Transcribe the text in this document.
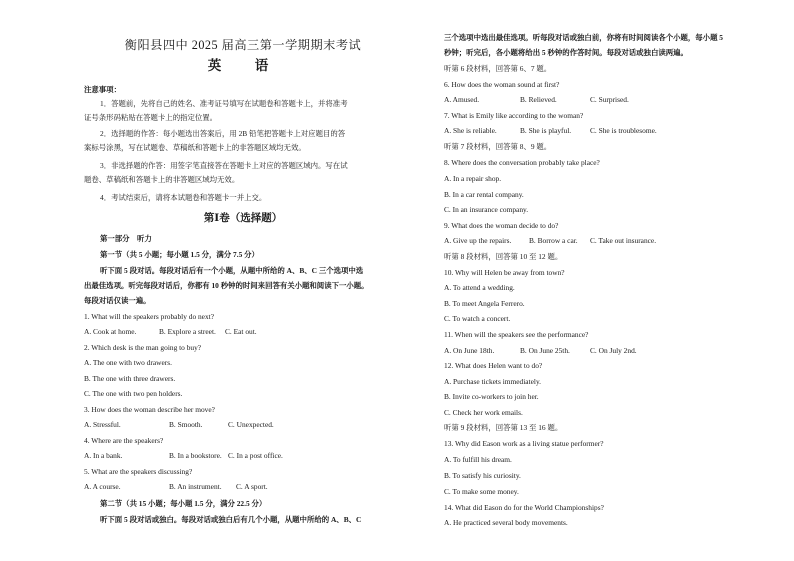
衡阳县四中 2025 届高三第一学期期末考试
英　语
注意事项：
1．答题前，先将自己的姓名、准考证号填写在试题卷和答题卡上，并将准考
证号条形码粘贴在答题卡上的指定位置。
2．选择题的作答：每小题选出答案后，用 2B 铅笔把答题卡上对应题目的答
案标号涂黑，写在试题卷、草稿纸和答题卡上的非答题区域均无效。
3．非选择题的作答：用签字笔直接答在答题卡上对应的答题区域内。写在试
题卷、草稿纸和答题卡上的非答题区域均无效。
4．考试结束后，请将本试题卷和答题卡一并上交。
第Ⅰ卷（选择题）
第一部分　听力
第一节（共 5 小题；每小题 1.5 分，满分 7.5 分）
听下面 5 段对话。每段对话后有一个小题，从题中所给的 A、B、C 三个选项中选
出最佳选项。听完每段对话后，你都有 10 秒钟的时间来回答有关小题和阅读下一小题。
每段对话仅读一遍。
1. What will the speakers probably do next?
A. Cook at home.	B. Explore a street. C. Eat out.
2. Which desk is the man going to buy?
A. The one with two drawers.
B. The one with three drawers.
C. The one with two pen holders.
3. How does the woman describe her move?
A. Stressful.	B. Smooth.	C. Unexpected.
4. Where are the speakers?
A. In a bank.	B. In a bookstore. C. In a post office.
5. What are the speakers discussing?
A. A course.	B. An instrument. C. A sport.
第二节（共 15 小题；每小题 1.5 分，满分 22.5 分）
听下面 5 段对话或独白。每段对话或独白后有几个小题，从题中所给的 A、B、C
三个选项中选出最佳选项。听每段对话或独白前，你将有时间阅读各个小题，每小题 5
秒钟；听完后，各小题将给出 5 秒钟的作答时间。每段对话或独白读两遍。
听第 6 段材料，回答第 6、7 题。
6. How does the woman sound at first?
A. Amused.	B. Relieved.	C. Surprised.
7. What is Emily like according to the woman?
A. She is reliable.	B. She is playful.	C. She is troublesome.
听第 7 段材料，回答第 8、9 题。
8. Where does the conversation probably take place?
A. In a repair shop.
B. In a car rental company.
C. In an insurance company.
9. What does the woman decide to do?
A. Give up the repairs. B. Borrow a car. C. Take out insurance.
听第 8 段材料，回答第 10 至 12 题。
10. Why will Helen be away from town?
A. To attend a wedding.
B. To meet Angela Ferrero.
C. To watch a concert.
11. When will the speakers see the performance?
A. On June 18th.	B. On June 25th.	C. On July 2nd.
12. What does Helen want to do?
A. Purchase tickets immediately.
B. Invite co-workers to join her.
C. Check her work emails.
听第 9 段材料，回答第 13 至 16 题。
13. Why did Eason work as a living statue performer?
A. To fulfill his dream.
B. To satisfy his curiosity.
C. To make some money.
14. What did Eason do for the World Championships?
A. He practiced several body movements.
